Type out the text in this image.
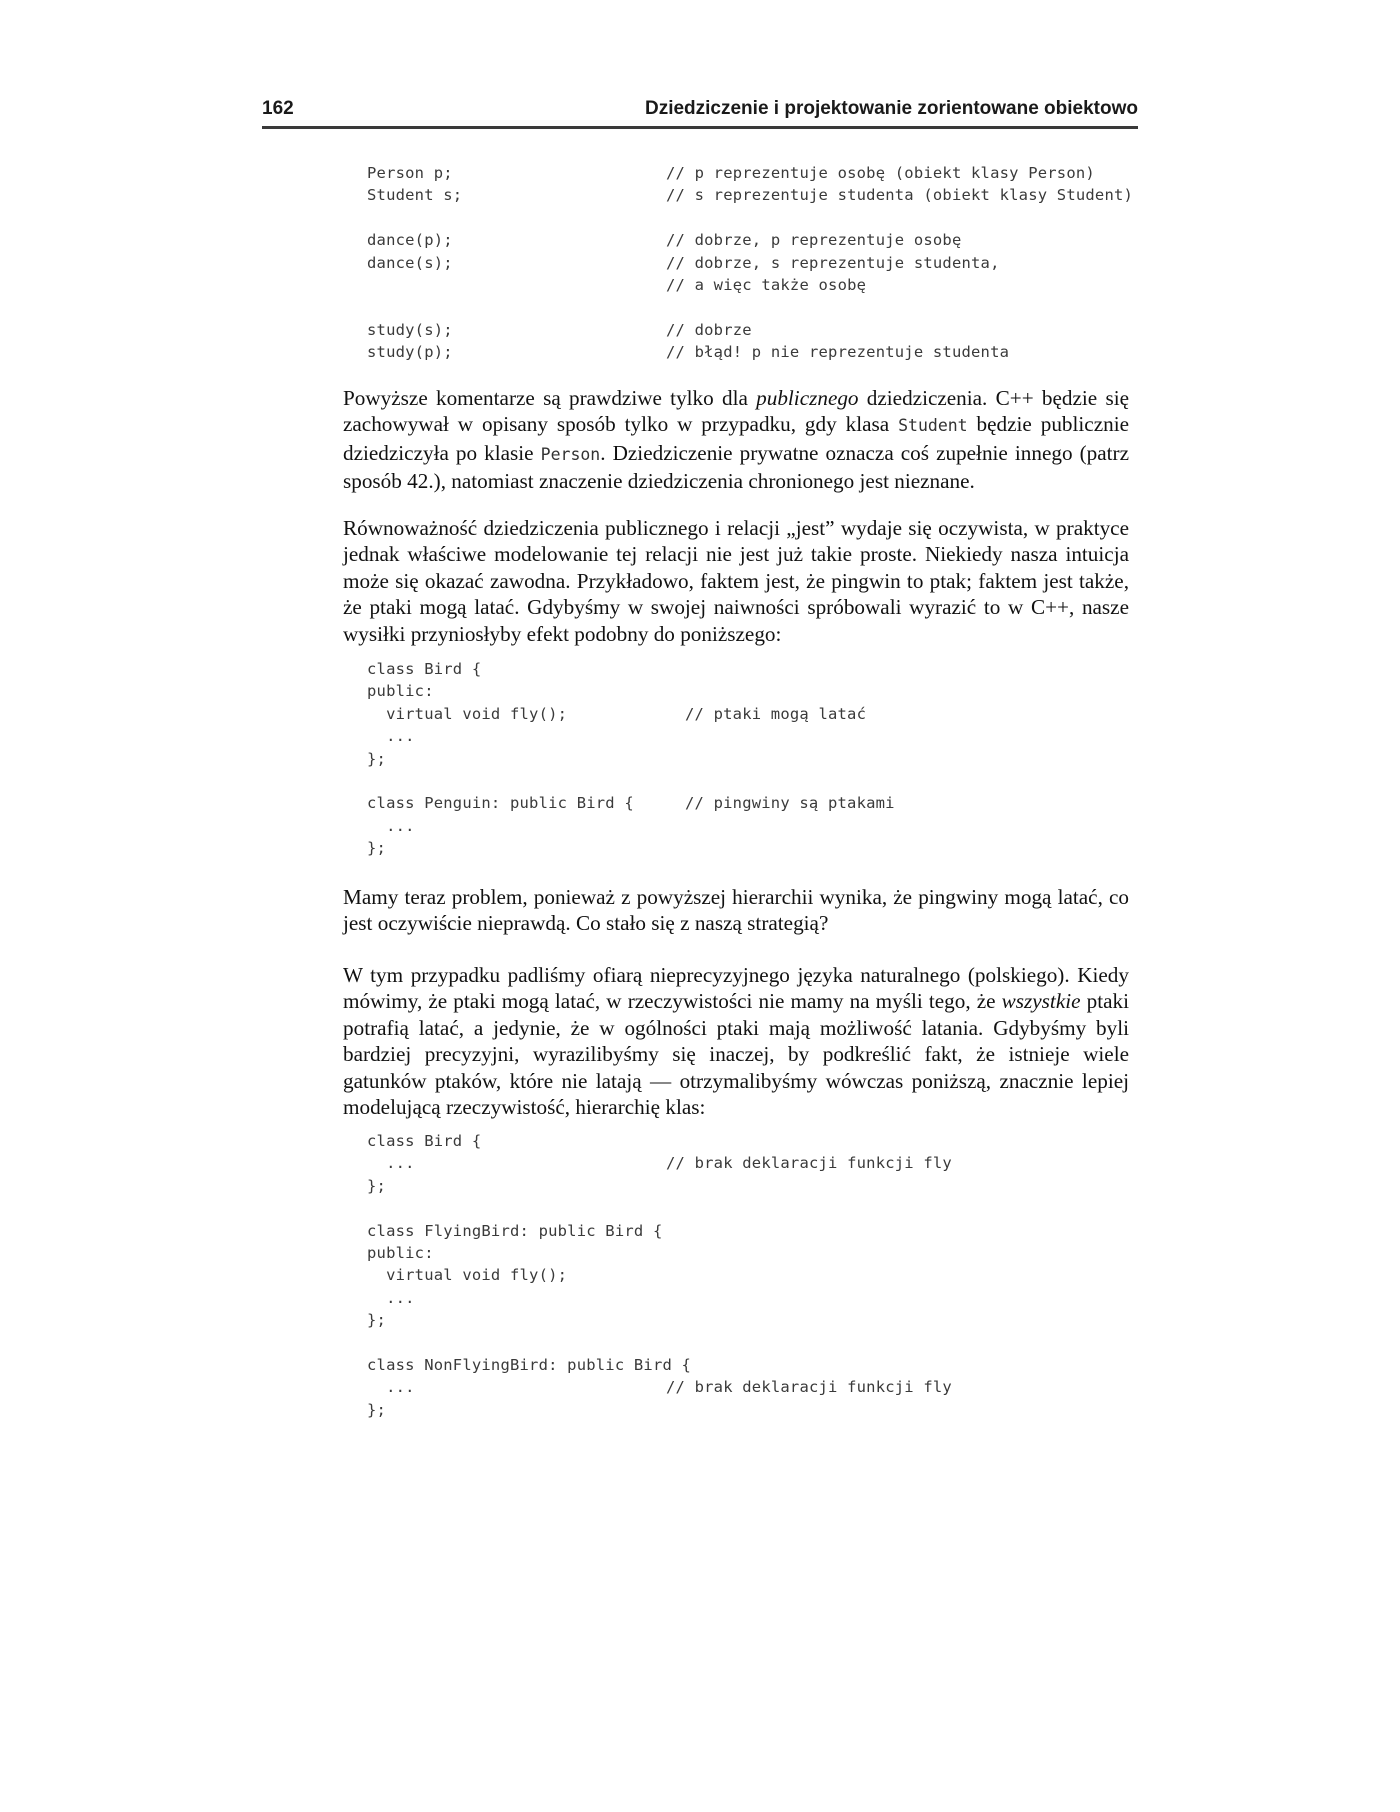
162	Dziedziczenie i projektowanie zorientowane obiektowo
Person p;	// p reprezentuje osobę (obiekt klasy Person)
Student s;	// s reprezentuje studenta (obiekt klasy Student)
dance(p);	// dobrze, p reprezentuje osobę
dance(s);	// dobrze, s reprezentuje studenta,
// a więc także osobę
study(s);	// dobrze
study(p);	// błąd! p nie reprezentuje studenta

Powyższe komentarze są prawdziwe tylko dla publicznego dziedziczenia. C++ będzie się zachowywał w opisany sposób tylko w przypadku, gdy klasa Student będzie publicznie dziedziczyła po klasie Person. Dziedziczenie prywatne oznacza coś zupełnie innego (patrz sposób 42.), natomiast znaczenie dziedziczenia chronionego jest nieznane.

Równoważność dziedziczenia publicznego i relacji „jest” wydaje się oczywista, w praktyce jednak właściwe modelowanie tej relacji nie jest już takie proste. Niekiedy nasza intuicja może się okazać zawodna. Przykładowo, faktem jest, że pingwin to ptak; faktem jest także, że ptaki mogą latać. Gdybyśmy w swojej naiwności spróbowali wyrazić to w C++, nasze wysiłki przyniosłyby efekt podobny do poniższego:

class Bird {
public:
virtual void fly();	// ptaki mogą latać
...
};
class Penguin: public Bird {	// pingwiny są ptakami
...
};

Mamy teraz problem, ponieważ z powyższej hierarchii wynika, że pingwiny mogą latać, co jest oczywiście nieprawdą. Co stało się z naszą strategią?

W tym przypadku padliśmy ofiarą nieprecyzyjnego języka naturalnego (polskiego). Kiedy mówimy, że ptaki mogą latać, w rzeczywistości nie mamy na myśli tego, że wszystkie ptaki potrafią latać, a jedynie, że w ogólności ptaki mają możliwość latania. Gdybyśmy byli bardziej precyzyjni, wyrazilibyśmy się inaczej, by podkreślić fakt, że istnieje wiele gatunków ptaków, które nie latają — otrzymalibyśmy wówczas poniższą, znacznie lepiej modelującą rzeczywistość, hierarchię klas:

class Bird {
...	// brak deklaracji funkcji fly
};
class FlyingBird: public Bird {
public:
virtual void fly();
...
};
class NonFlyingBird: public Bird {
...	// brak deklaracji funkcji fly
};
